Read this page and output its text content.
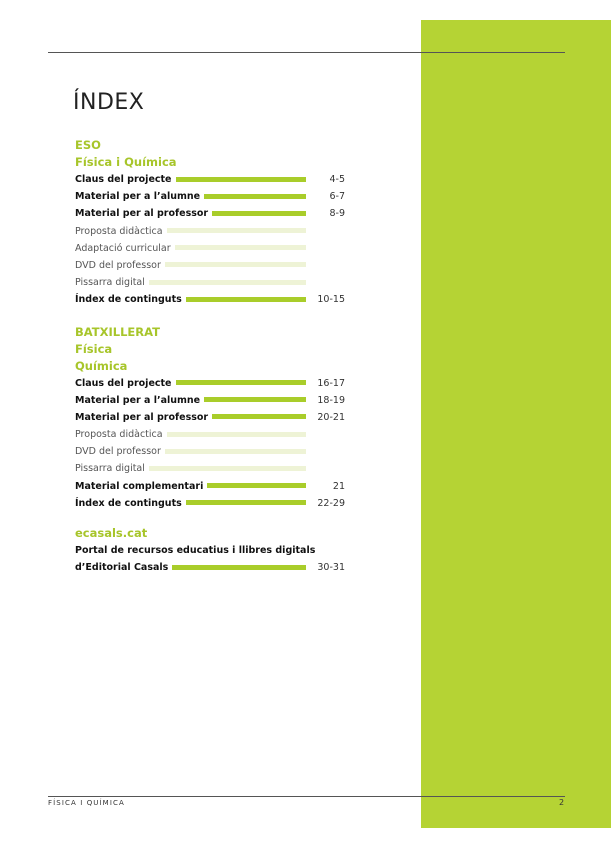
ÍNDEX
ESO
Física i Química
Claus del projecte	4-5
Material per a l’alumne	6-7
Material per al professor	8-9
Proposta didàctica
Adaptació curricular
DVD del professor
Pissarra digital
Índex de continguts	10-15
BATXILLERAT
Física
Química
Claus del projecte	16-17
Material per a l’alumne	18-19
Material per al professor	20-21
Proposta didàctica
DVD del professor
Pissarra digital
Material complementari	21
Índex de continguts	22-29
ecasals.cat
Portal de recursos educatius i llibres digitals
d’Editorial Casals	30-31
FÍSICA I QUÍMICA	2
